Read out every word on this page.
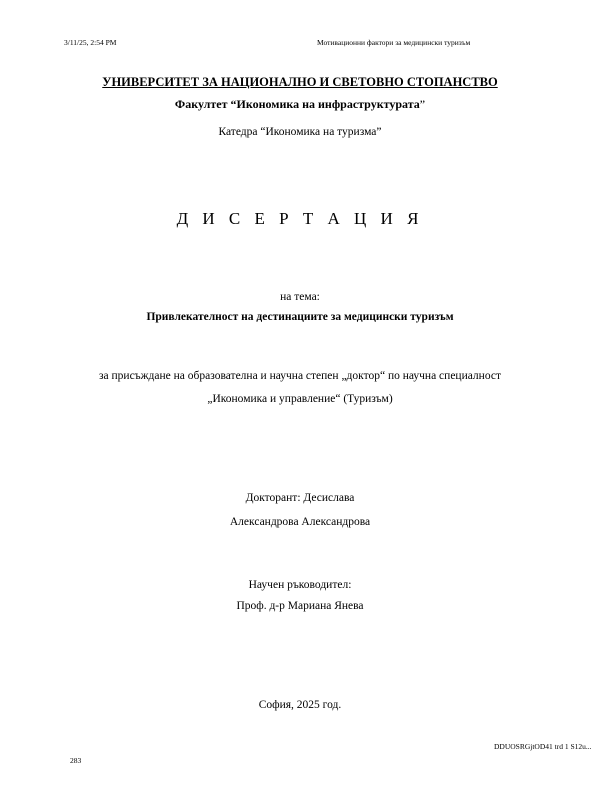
3/11/25, 2:54 PM	Мотивационни фактори за медицински туризъм
УНИВЕРСИТЕТ ЗА НАЦИОНАЛНО И СВЕТОВНО СТОПАНСТВО
Факултет “Икономика на инфраструктурата”
Катедра “Икономика на туризма”
Д И С Е Р Т А Ц И Я
на тема:
Привлекателност на дестинациите за медицински туризъм
за присъждане на образователна и научна степен „доктор“ по научна специалност
„Икономика и управление“ (Туризъм)
Докторант: Десислава
Александрова Александрова
Научен ръководител:
Проф. д-р Мариана Янева
София, 2025 год.
DDUOSRGjtOD41 trd 1 S12u...
283
